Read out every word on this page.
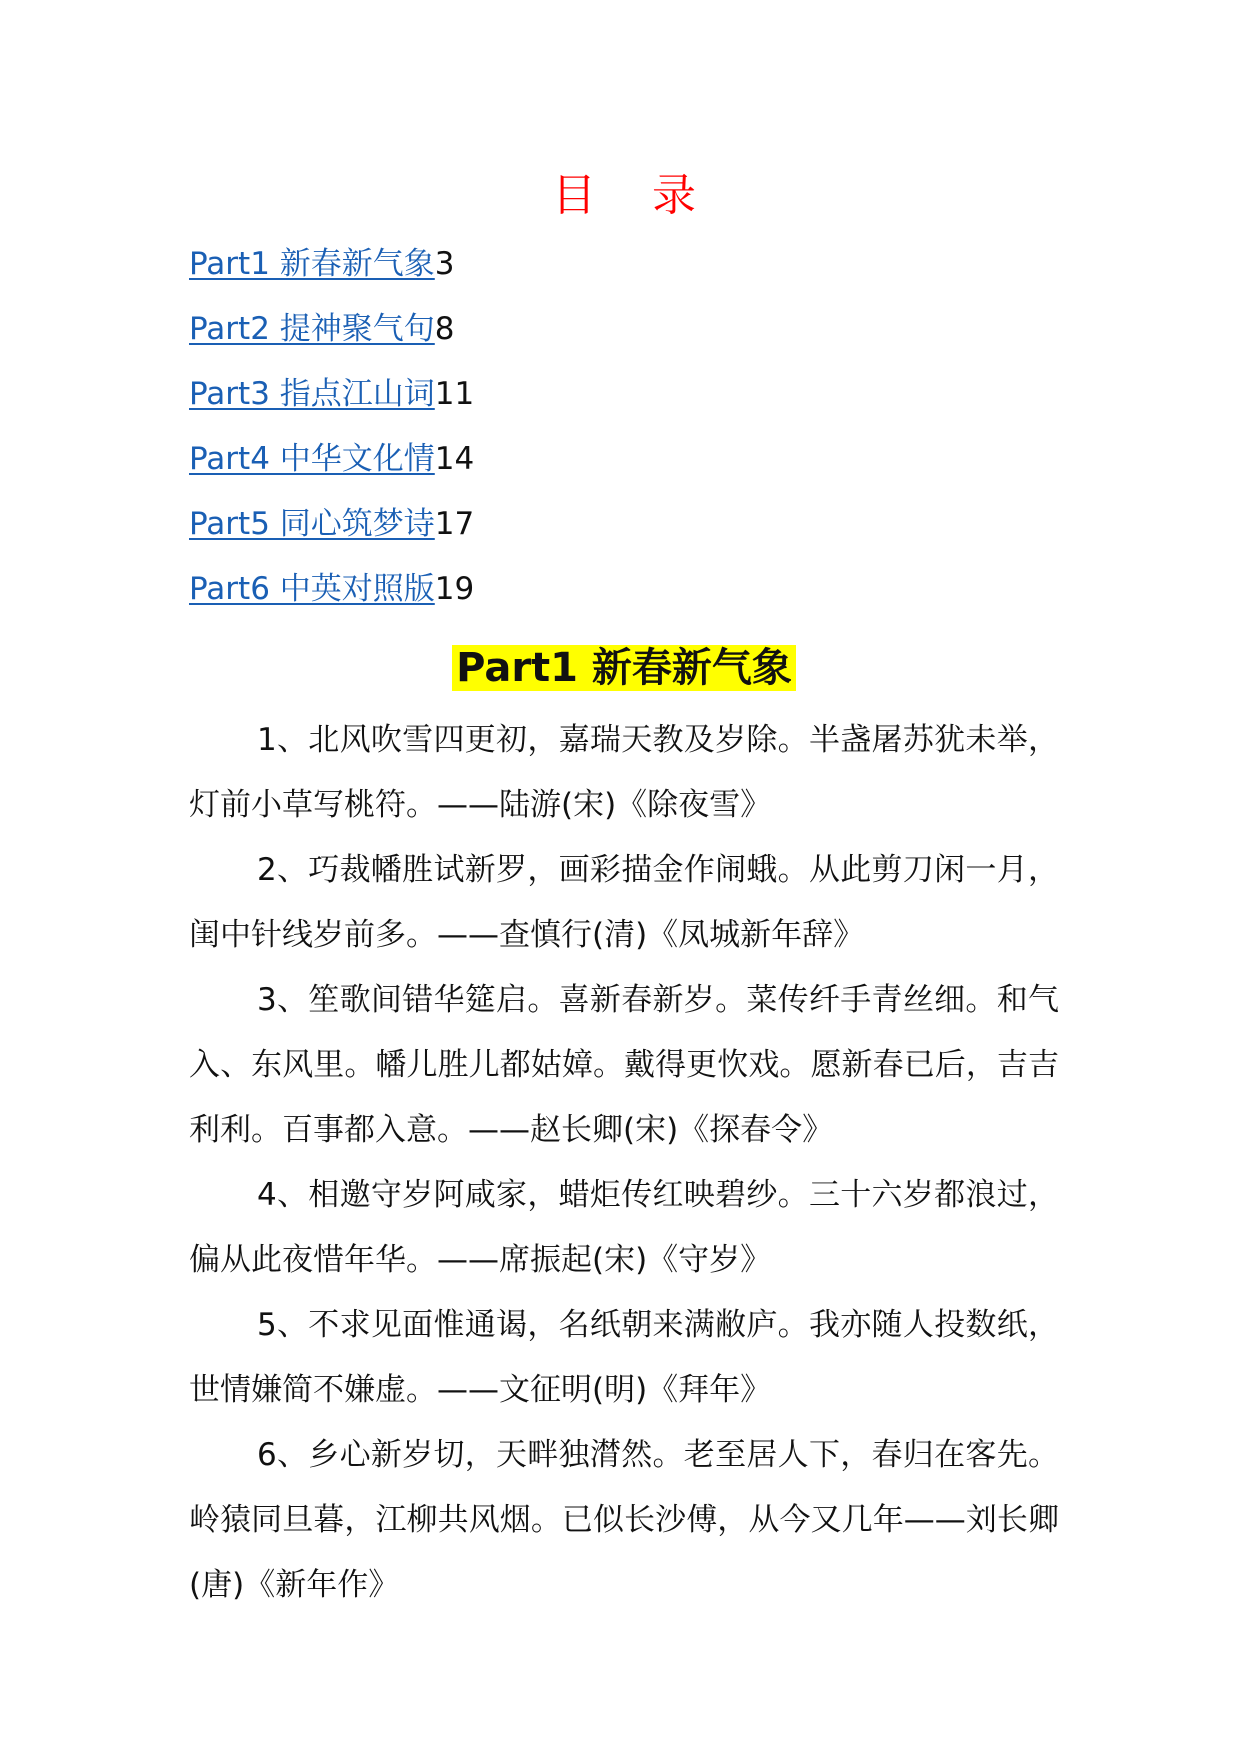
目 录
Part1 新春新气象3
Part2 提神聚气句8
Part3 指点江山词11
Part4 中华文化情14
Part5 同心筑梦诗17
Part6 中英对照版19
Part1 新春新气象

1、北风吹雪四更初，嘉瑞天教及岁除。半盏屠苏犹未举，灯前小草写桃符。——陆游(宋)《除夜雪》

2、巧裁幡胜试新罗，画彩描金作闹蛾。从此剪刀闲一月，闺中针线岁前多。——查慎行(清)《凤城新年辞》

3、笙歌间错华筵启。喜新春新岁。菜传纤手青丝细。和气入、东风里。幡儿胜儿都姑嫜。戴得更忺戏。愿新春已后，吉吉利利。百事都入意。——赵长卿(宋)《探春令》

4、相邀守岁阿咸家，蜡炬传红映碧纱。三十六岁都浪过，偏从此夜惜年华。——席振起(宋)《守岁》

5、不求见面惟通谒，名纸朝来满敝庐。我亦随人投数纸，世情嫌简不嫌虚。——文征明(明)《拜年》

6、乡心新岁切，天畔独潸然。老至居人下，春归在客先。岭猿同旦暮，江柳共风烟。已似长沙傅，从今又几年——刘长卿(唐)《新年作》
